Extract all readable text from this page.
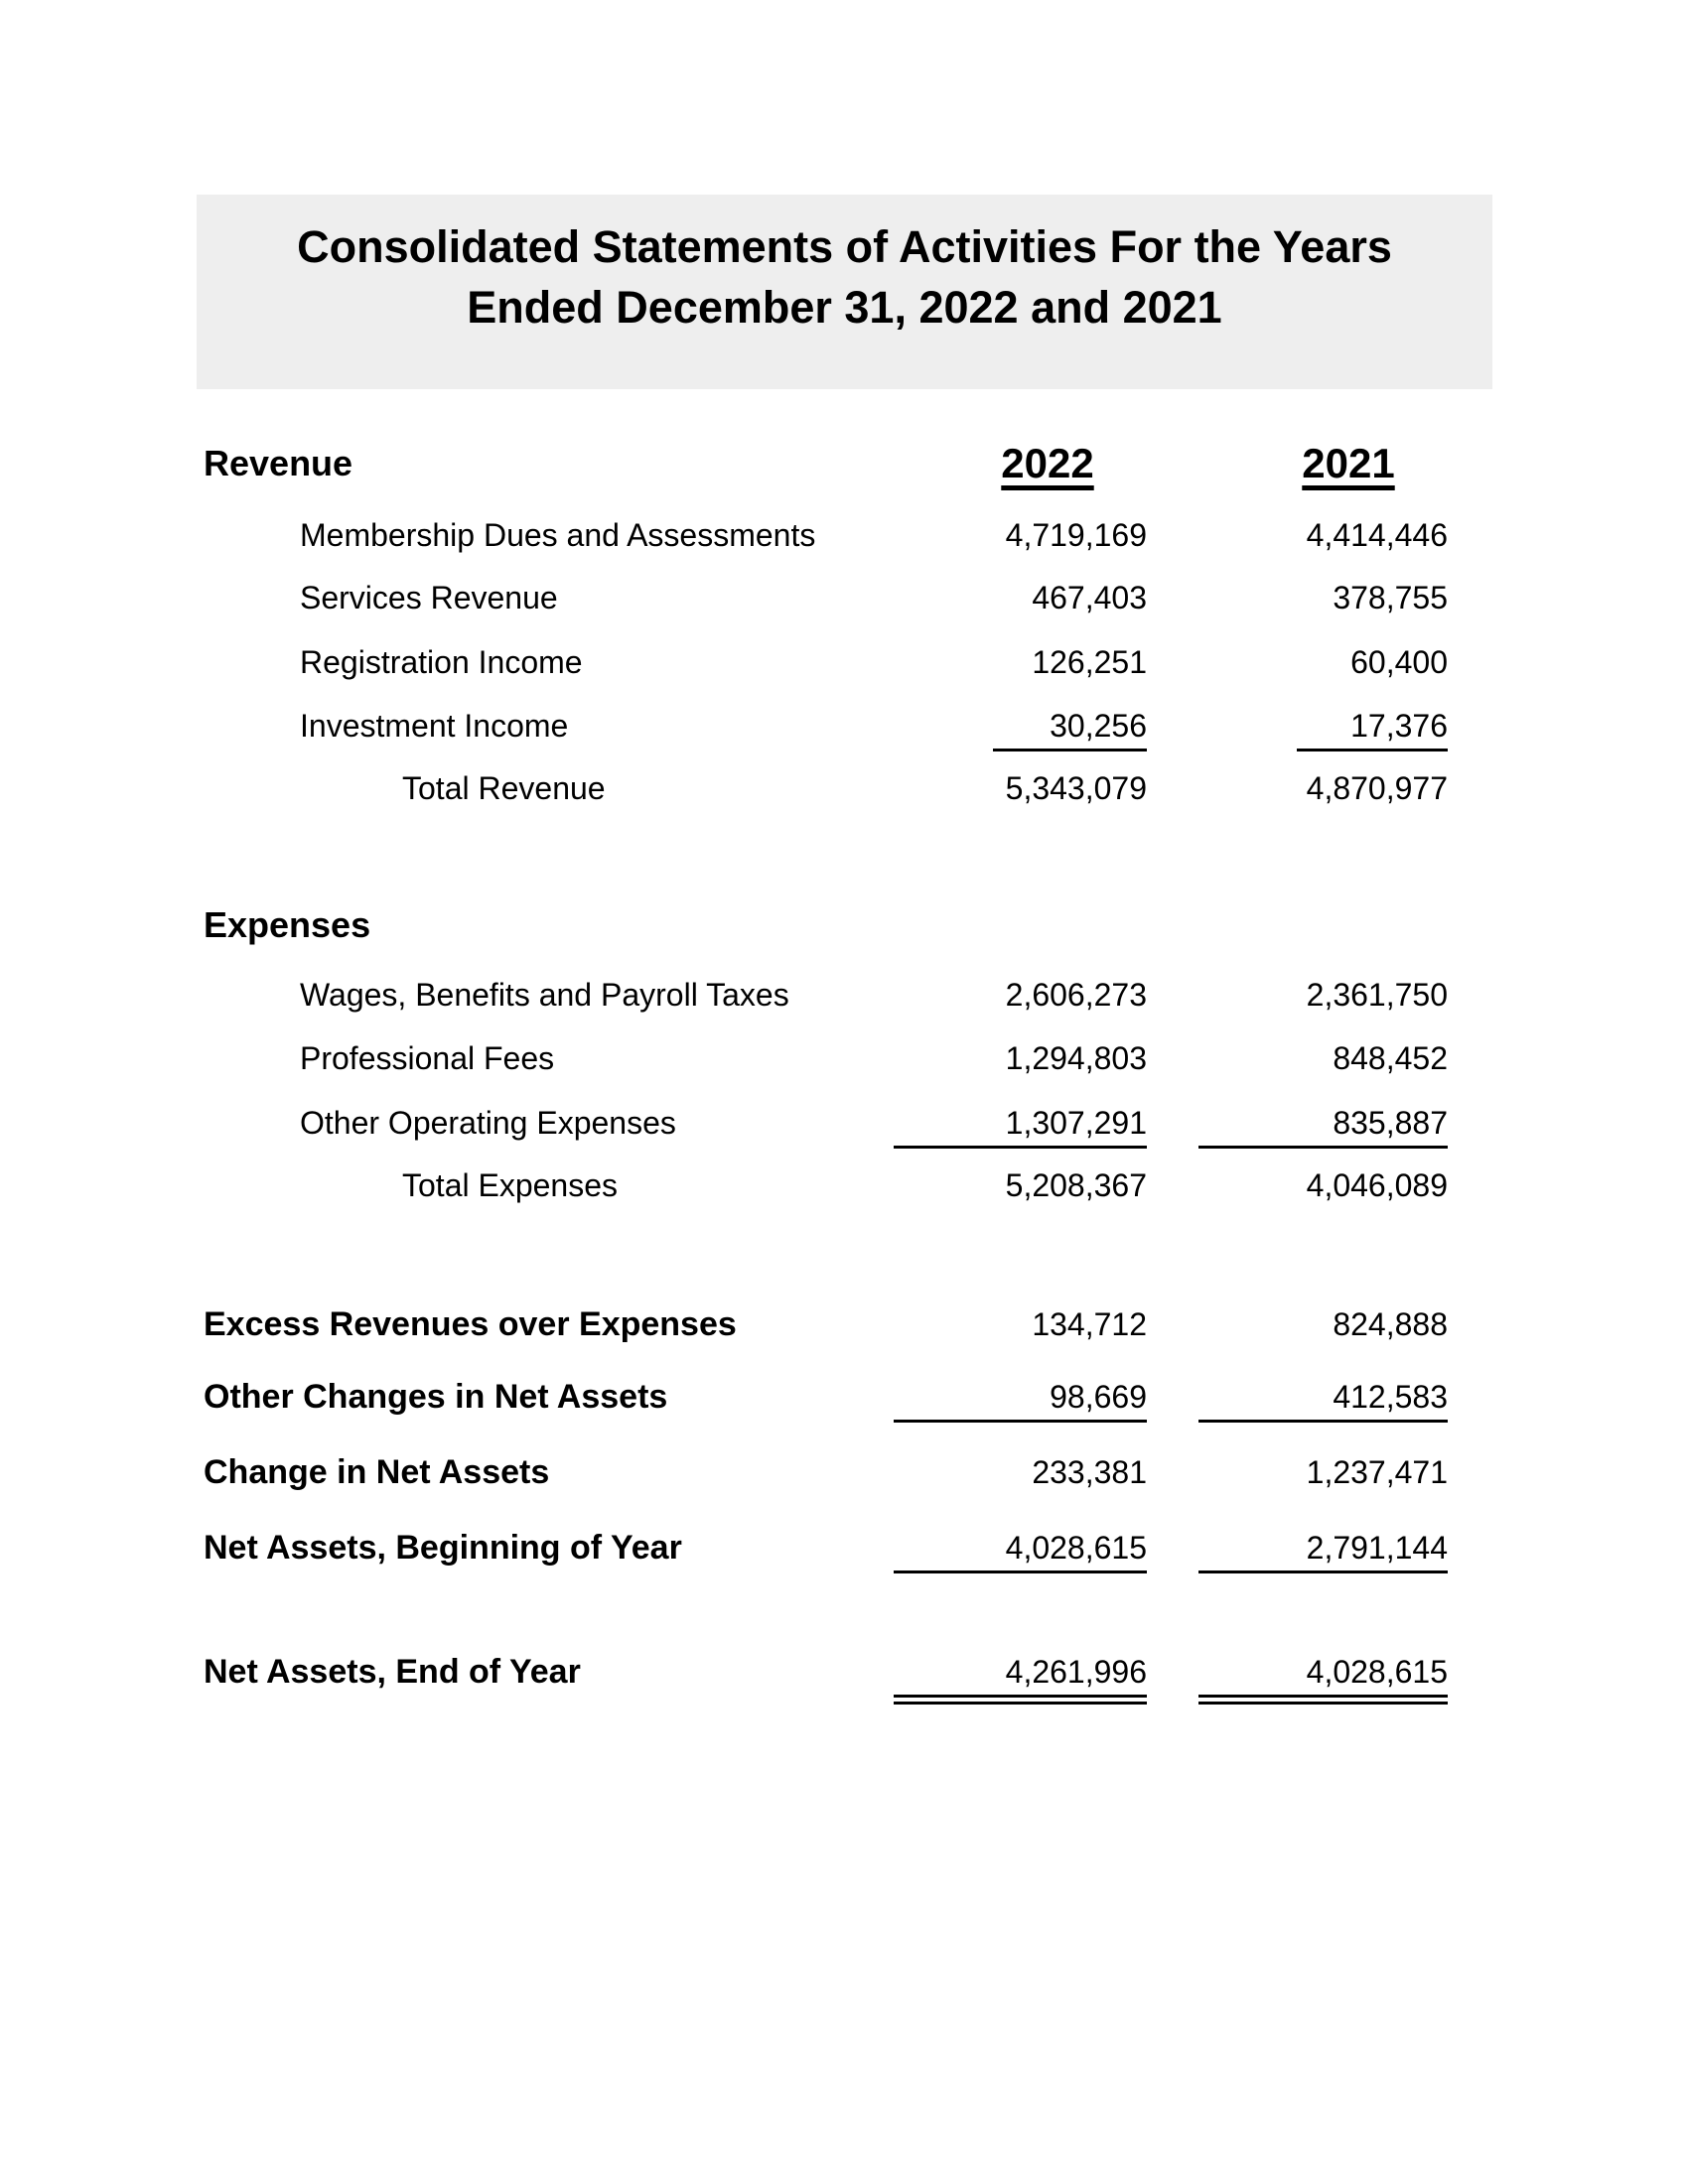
Consolidated Statements of Activities For the Years
Ended December 31, 2022 and 2021
Revenue	2022	2021
Membership Dues and Assessments	4,719,169	4,414,446
Services Revenue	467,403	378,755
Registration Income	126,251	60,400
Investment Income	30,256	17,376
Total Revenue	5,343,079	4,870,977
Expenses
Wages, Benefits and Payroll Taxes	2,606,273	2,361,750
Professional Fees	1,294,803	848,452
Other Operating Expenses	1,307,291	835,887
Total Expenses	5,208,367	4,046,089
Excess Revenues over Expenses	134,712	824,888
Other Changes in Net Assets	98,669	412,583
Change in Net Assets	233,381	1,237,471
Net Assets, Beginning of Year	4,028,615	2,791,144
Net Assets, End of Year	4,261,996	4,028,615
